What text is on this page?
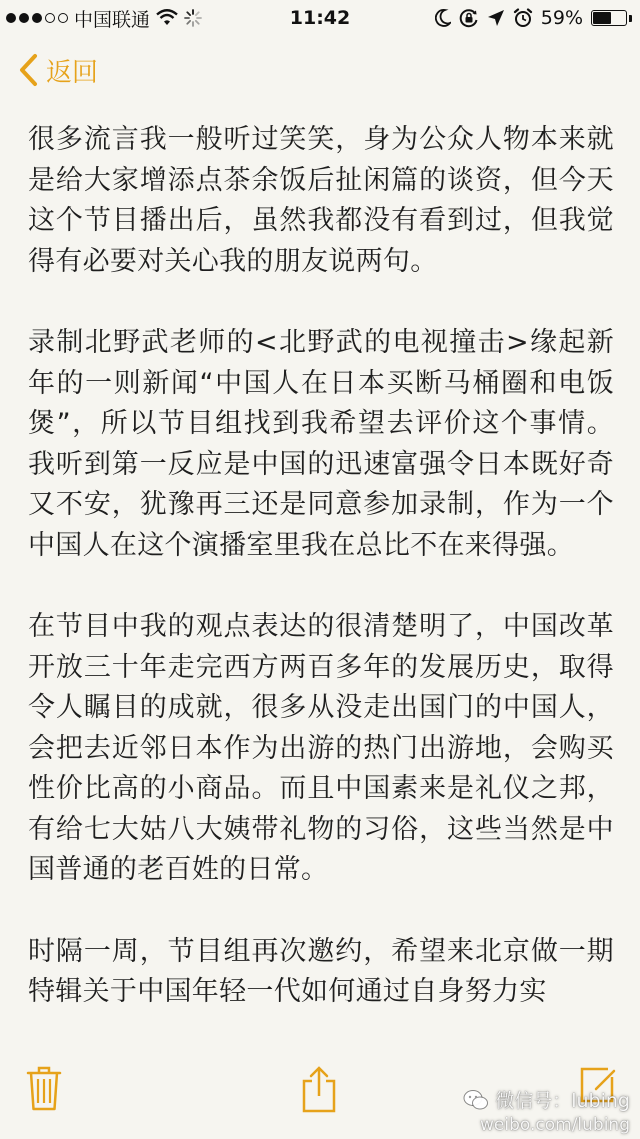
中国联通	11:42	59%
返回

很多流言我一般听过笑笑，身为公众人物本来就是给大家增添点茶余饭后扯闲篇的谈资，但今天这个节目播出后，虽然我都没有看到过，但我觉得有必要对关心我的朋友说两句。

录制北野武老师的<北野武的电视撞击>缘起新年的一则新闻“中国人在日本买断马桶圈和电饭煲”，所以节目组找到我希望去评价这个事情。我听到第一反应是中国的迅速富强令日本既好奇又不安，犹豫再三还是同意参加录制，作为一个中国人在这个演播室里我在总比不在来得强。

在节目中我的观点表达的很清楚明了，中国改革开放三十年走完西方两百多年的发展历史，取得令人瞩目的成就，很多从没走出国门的中国人，会把去近邻日本作为出游的热门出游地，会购买性价比高的小商品。而且中国素来是礼仪之邦，有给七大姑八大姨带礼物的习俗，这些当然是中国普通的老百姓的日常。

时隔一周，节目组再次邀约，希望来北京做一期特辑关于中国年轻一代如何通过自身努力实

微信号：lubing
weibo.com/lubing
